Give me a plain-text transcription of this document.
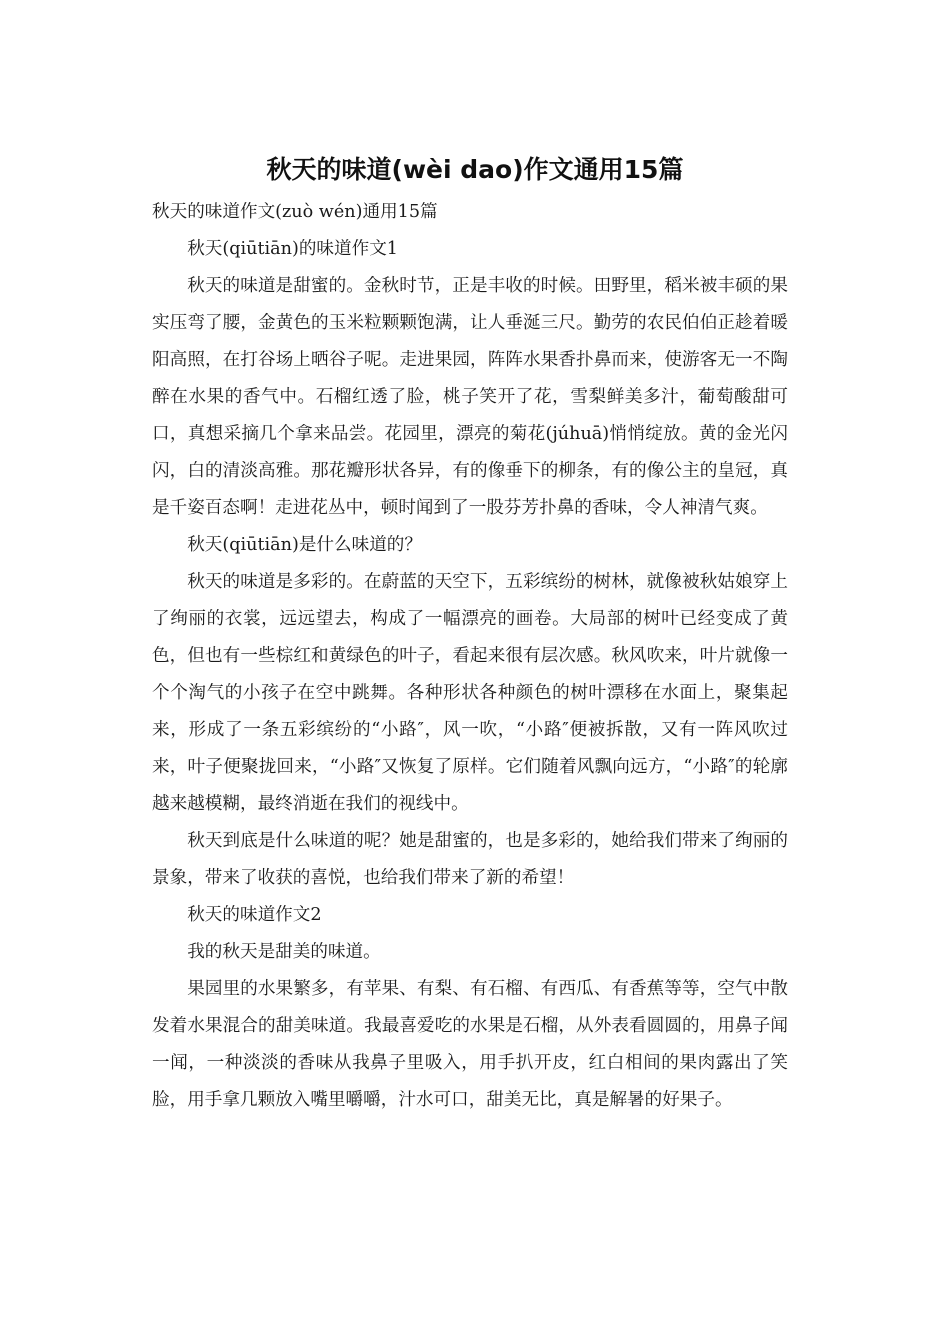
秋天的味道(wèi dao)作文通用15篇

秋天的味道作文(zuò wén)通用15篇

秋天(qiūtiān)的味道作文1

秋天的味道是甜蜜的。金秋时节，正是丰收的时候。田野里，稻米被丰硕的果实压弯了腰，金黄色的玉米粒颗颗饱满，让人垂涎三尺。勤劳的农民伯伯正趁着暖阳高照，在打谷场上晒谷子呢。走进果园，阵阵水果香扑鼻而来，使游客无一不陶醉在水果的香气中。石榴红透了脸，桃子笑开了花，雪梨鲜美多汁，葡萄酸甜可口，真想采摘几个拿来品尝。花园里，漂亮的菊花(júhuā)悄悄绽放。黄的金光闪闪，白的清淡高雅。那花瓣形状各异，有的像垂下的柳条，有的像公主的皇冠，真是千姿百态啊！走进花丛中，顿时闻到了一股芬芳扑鼻的香味，令人神清气爽。

秋天(qiūtiān)是什么味道的？

秋天的味道是多彩的。在蔚蓝的天空下，五彩缤纷的树林，就像被秋姑娘穿上了绚丽的衣裳，远远望去，构成了一幅漂亮的画卷。大局部的树叶已经变成了黄色，但也有一些棕红和黄绿色的叶子，看起来很有层次感。秋风吹来，叶片就像一个个淘气的小孩子在空中跳舞。各种形状各种颜色的树叶漂移在水面上，聚集起来，形成了一条五彩缤纷的“小路″，风一吹，“小路″便被拆散，又有一阵风吹过来，叶子便聚拢回来，“小路″又恢复了原样。它们随着风飘向远方，“小路″的轮廓越来越模糊，最终消逝在我们的视线中。

秋天到底是什么味道的呢？她是甜蜜的，也是多彩的，她给我们带来了绚丽的景象，带来了收获的喜悦，也给我们带来了新的希望！

秋天的味道作文2

我的秋天是甜美的味道。

果园里的水果繁多，有苹果、有梨、有石榴、有西瓜、有香蕉等等，空气中散发着水果混合的甜美味道。我最喜爱吃的水果是石榴，从外表看圆圆的，用鼻子闻一闻，一种淡淡的香味从我鼻子里吸入，用手扒开皮，红白相间的果肉露出了笑脸，用手拿几颗放入嘴里嚼嚼，汁水可口，甜美无比，真是解暑的好果子。
